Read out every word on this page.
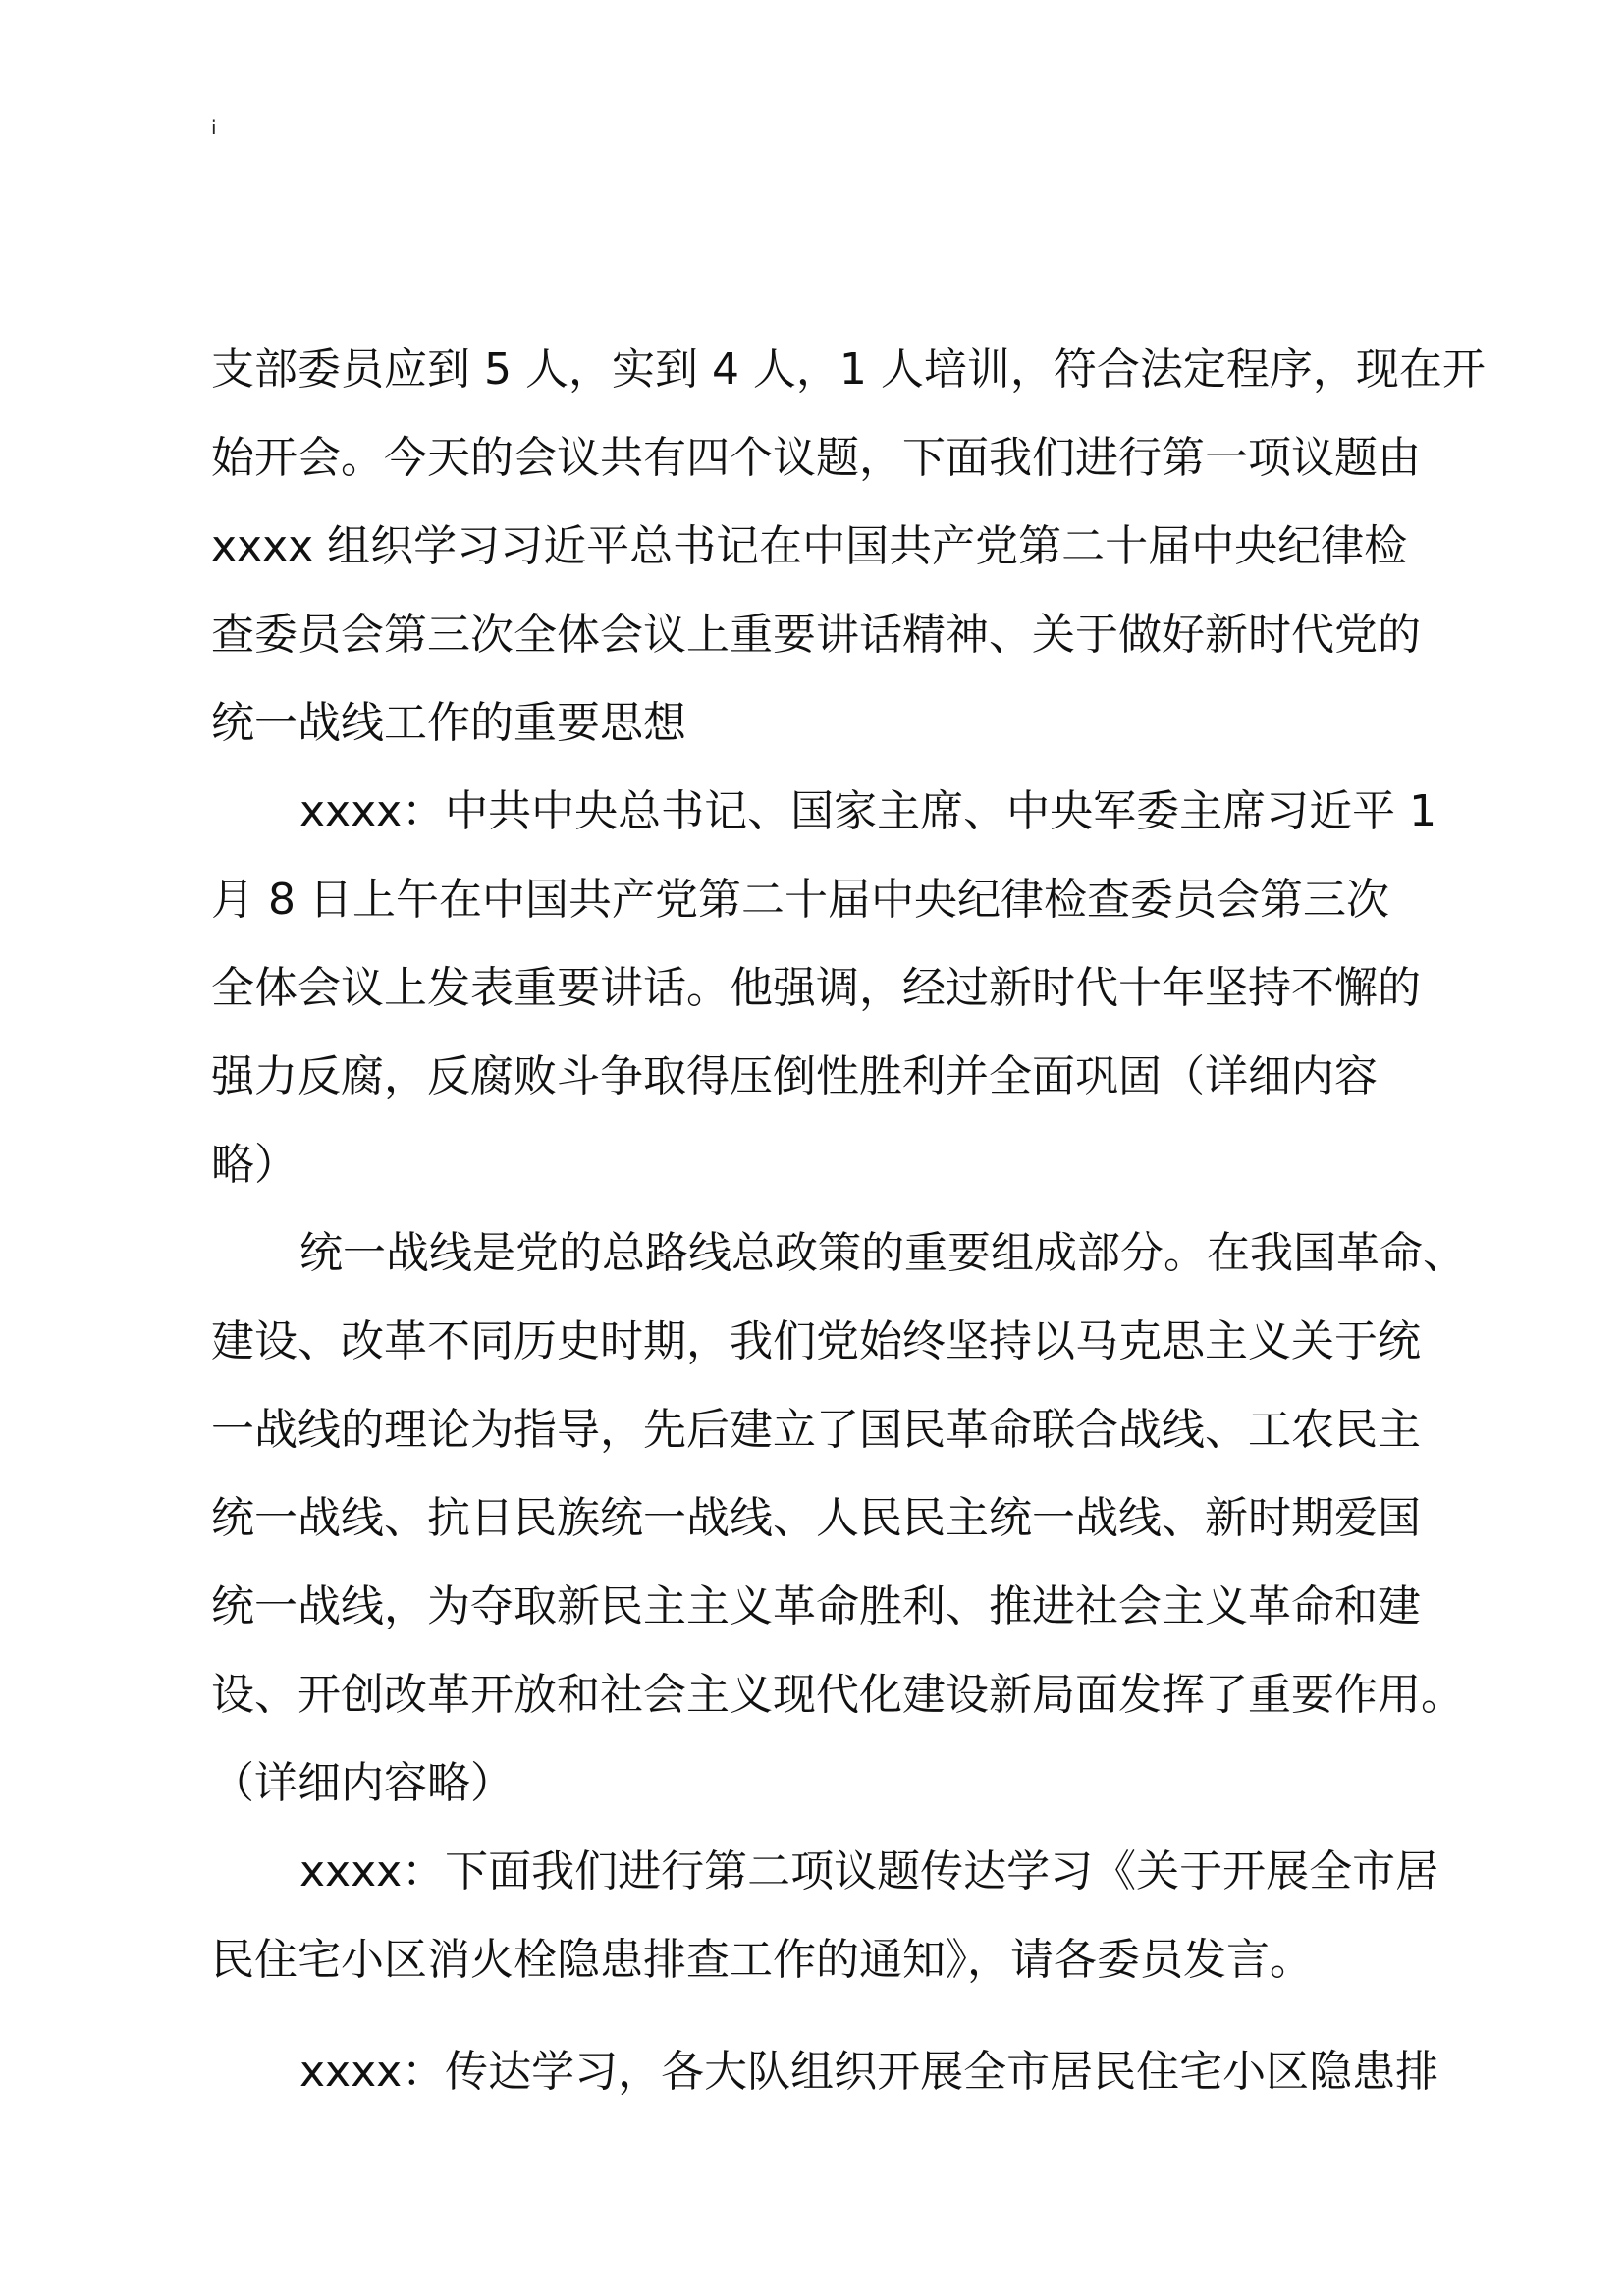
i
支部委员应到 5 人，实到 4 人，1 人培训，符合法定程序，现在开
始开会。今天的会议共有四个议题，下面我们进行第一项议题由
xxxx 组织学习习近平总书记在中国共产党第二十届中央纪律检
查委员会第三次全体会议上重要讲话精神、关于做好新时代党的
统一战线工作的重要思想
xxxx：中共中央总书记、国家主席、中央军委主席习近平 1
月 8 日上午在中国共产党第二十届中央纪律检查委员会第三次
全体会议上发表重要讲话。他强调，经过新时代十年坚持不懈的
强力反腐，反腐败斗争取得压倒性胜利并全面巩固（详细内容
略）
统一战线是党的总路线总政策的重要组成部分。在我国革命、
建设、改革不同历史时期，我们党始终坚持以马克思主义关于统
一战线的理论为指导，先后建立了国民革命联合战线、工农民主
统一战线、抗日民族统一战线、人民民主统一战线、新时期爱国
统一战线，为夺取新民主主义革命胜利、推进社会主义革命和建
设、开创改革开放和社会主义现代化建设新局面发挥了重要作用。
（详细内容略）
xxxx：下面我们进行第二项议题传达学习《关于开展全市居
民住宅小区消火栓隐患排查工作的通知》，请各委员发言。
xxxx：传达学习，各大队组织开展全市居民住宅小区隐患排
